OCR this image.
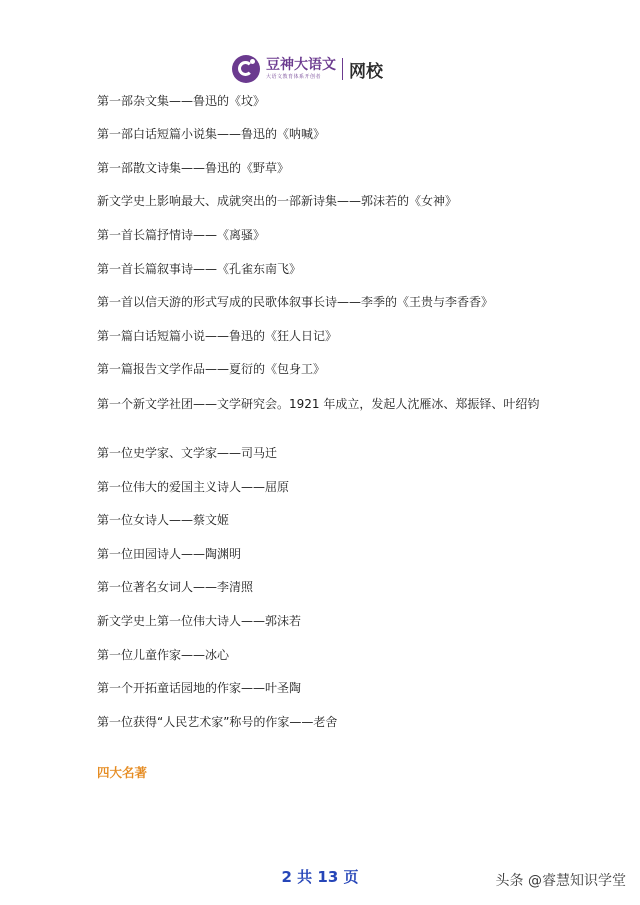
豆神大语文
大语文教育体系开创者	网校
第一部杂文集——鲁迅的《坟》
第一部白话短篇小说集——鲁迅的《呐喊》
第一部散文诗集——鲁迅的《野草》
新文学史上影响最大、成就突出的一部新诗集——郭沫若的《女神》
第一首长篇抒情诗——《离骚》
第一首长篇叙事诗——《孔雀东南飞》
第一首以信天游的形式写成的民歌体叙事长诗——李季的《王贵与李香香》
第一篇白话短篇小说——鲁迅的《狂人日记》
第一篇报告文学作品——夏衍的《包身工》
第一个新文学社团——文学研究会。1921 年成立，发起人沈雁冰、郑振铎、叶绍钧
第一位史学家、文学家——司马迁
第一位伟大的爱国主义诗人——屈原
第一位女诗人——蔡文姬
第一位田园诗人——陶渊明
第一位著名女词人——李清照
新文学史上第一位伟大诗人——郭沫若
第一位儿童作家——冰心
第一个开拓童话园地的作家——叶圣陶
第一位获得“人民艺术家”称号的作家——老舍
四大名著
2 共 13 页	头条 @睿慧知识学堂
